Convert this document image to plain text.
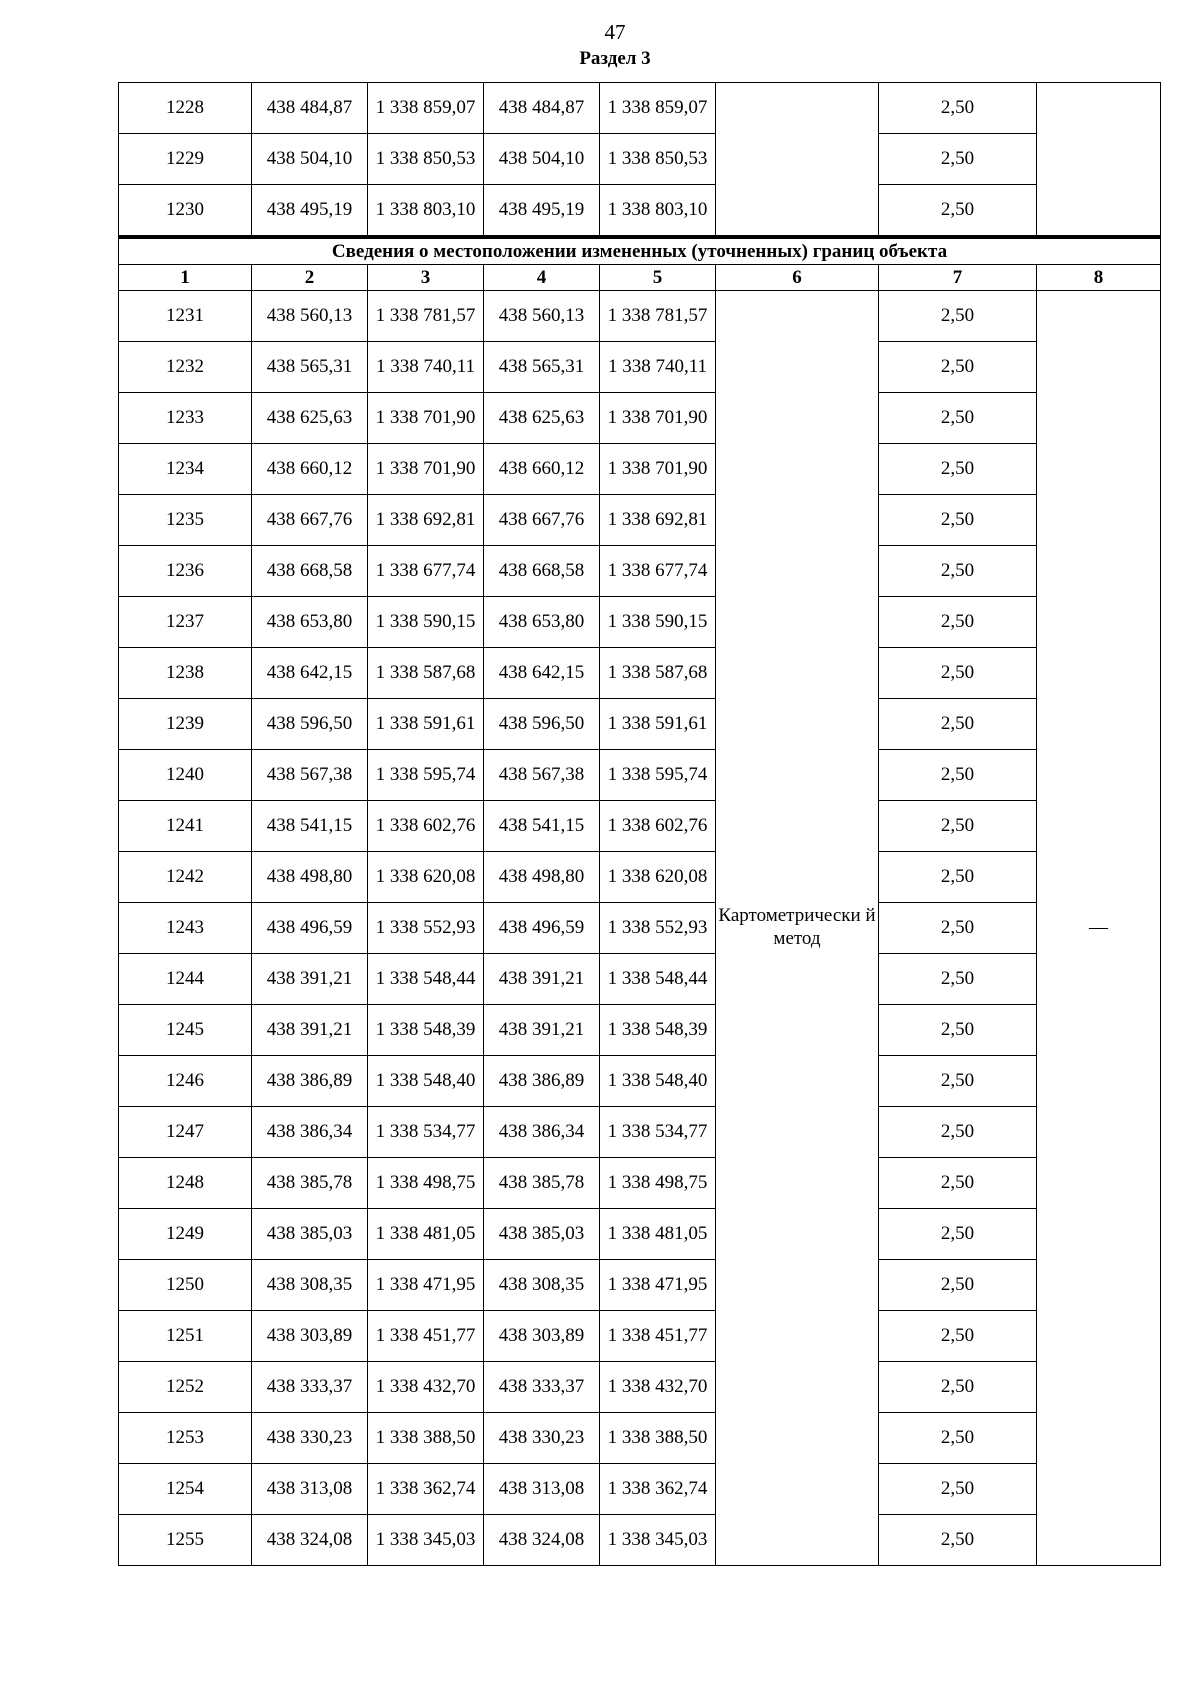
47
Раздел 3
1228	438 484,87	1 338 859,07	438 484,87	1 338 859,07		2,50	
1229	438 504,10	1 338 850,53	438 504,10	1 338 850,53		2,50	
1230	438 495,19	1 338 803,10	438 495,19	1 338 803,10		2,50	
Сведения о местоположении измененных (уточненных) границ объекта							
1	2	3	4	5	6	7	8
1231	438 560,13	1 338 781,57	438 560,13	1 338 781,57	Картометрически й метод	2,50	—
1232	438 565,31	1 338 740,11	438 565,31	1 338 740,11		2,50	
1233	438 625,63	1 338 701,90	438 625,63	1 338 701,90		2,50	
1234	438 660,12	1 338 701,90	438 660,12	1 338 701,90		2,50	
1235	438 667,76	1 338 692,81	438 667,76	1 338 692,81		2,50	
1236	438 668,58	1 338 677,74	438 668,58	1 338 677,74		2,50	
1237	438 653,80	1 338 590,15	438 653,80	1 338 590,15		2,50	
1238	438 642,15	1 338 587,68	438 642,15	1 338 587,68		2,50	
1239	438 596,50	1 338 591,61	438 596,50	1 338 591,61		2,50	
1240	438 567,38	1 338 595,74	438 567,38	1 338 595,74		2,50	
1241	438 541,15	1 338 602,76	438 541,15	1 338 602,76		2,50	
1242	438 498,80	1 338 620,08	438 498,80	1 338 620,08		2,50	
1243	438 496,59	1 338 552,93	438 496,59	1 338 552,93		2,50	
1244	438 391,21	1 338 548,44	438 391,21	1 338 548,44		2,50	
1245	438 391,21	1 338 548,39	438 391,21	1 338 548,39		2,50	
1246	438 386,89	1 338 548,40	438 386,89	1 338 548,40		2,50	
1247	438 386,34	1 338 534,77	438 386,34	1 338 534,77		2,50	
1248	438 385,78	1 338 498,75	438 385,78	1 338 498,75		2,50	
1249	438 385,03	1 338 481,05	438 385,03	1 338 481,05		2,50	
1250	438 308,35	1 338 471,95	438 308,35	1 338 471,95		2,50	
1251	438 303,89	1 338 451,77	438 303,89	1 338 451,77		2,50	
1252	438 333,37	1 338 432,70	438 333,37	1 338 432,70		2,50	
1253	438 330,23	1 338 388,50	438 330,23	1 338 388,50		2,50	
1254	438 313,08	1 338 362,74	438 313,08	1 338 362,74		2,50	
1255	438 324,08	1 338 345,03	438 324,08	1 338 345,03		2,50	
